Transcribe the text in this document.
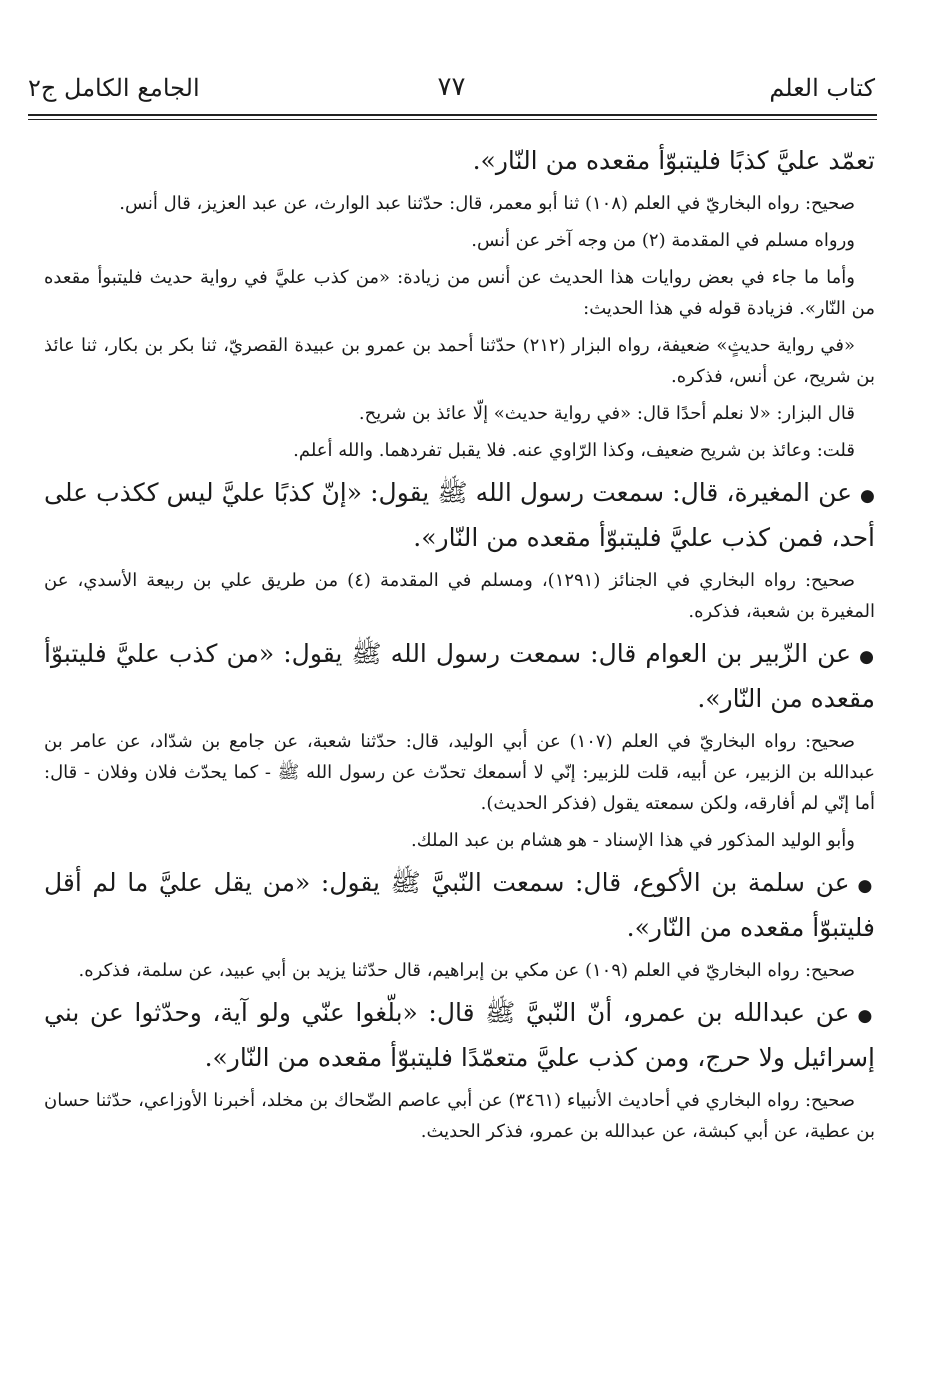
كتاب العلم
٧٧
الجامع الكامل ج٢

تعمّد عليَّ كذبًا فليتبوّأ مقعده من النّار».

صحيح: رواه البخاريّ في العلم (١٠٨) ثنا أبو معمر، قال: حدّثنا عبد الوارث، عن عبد العزيز، قال أنس.

ورواه مسلم في المقدمة (٢) من وجه آخر عن أنس.

وأما ما جاء في بعض روايات هذا الحديث عن أنس من زيادة: «من كذب عليَّ في رواية حديث فليتبوأ مقعده من النّار». فزيادة قوله في هذا الحديث:

«في رواية حديثٍ» ضعيفة، رواه البزار (٢١٢) حدّثنا أحمد بن عمرو بن عبيدة القصريّ، ثنا بكر بن بكار، ثنا عائذ بن شريح، عن أنس، فذكره.

قال البزار: «لا نعلم أحدًا قال: «في رواية حديث» إلّا عائذ بن شريح.

قلت: وعائذ بن شريح ضعيف، وكذا الرّاوي عنه. فلا يقبل تفردهما. والله أعلم.

●عن المغيرة، قال: سمعت رسول الله ﷺ يقول: «إنّ كذبًا عليَّ ليس ككذب على أحد، فمن كذب عليَّ فليتبوّأ مقعده من النّار».

صحيح: رواه البخاري في الجنائز (١٢٩١)، ومسلم في المقدمة (٤) من طريق علي بن ربيعة الأسدي، عن المغيرة بن شعبة، فذكره.

●عن الزّبير بن العوام قال: سمعت رسول الله ﷺ يقول: «من كذب عليَّ فليتبوّأ مقعده من النّار».

صحيح: رواه البخاريّ في العلم (١٠٧) عن أبي الوليد، قال: حدّثنا شعبة، عن جامع بن شدّاد، عن عامر بن عبدالله بن الزبير، عن أبيه، قلت للزبير: إنّي لا أسمعك تحدّث عن رسول الله ﷺ - كما يحدّث فلان وفلان - قال: أما إنّي لم أفارقه، ولكن سمعته يقول (فذكر الحديث).

وأبو الوليد المذكور في هذا الإسناد - هو هشام بن عبد الملك.

●عن سلمة بن الأكوع، قال: سمعت النّبيَّ ﷺ يقول: «من يقل عليَّ ما لم أقل فليتبوّأ مقعده من النّار».

صحيح: رواه البخاريّ في العلم (١٠٩) عن مكي بن إبراهيم، قال حدّثنا يزيد بن أبي عبيد، عن سلمة، فذكره.

●عن عبدالله بن عمرو، أنّ النّبيَّ ﷺ قال: «بلّغوا عنّي ولو آية، وحدّثوا عن بني إسرائيل ولا حرج، ومن كذب عليَّ متعمّدًا فليتبوّأ مقعده من النّار».

صحيح: رواه البخاري في أحاديث الأنبياء (٣٤٦١) عن أبي عاصم الضّحاك بن مخلد، أخبرنا الأوزاعي، حدّثنا حسان بن عطية، عن أبي كبشة، عن عبدالله بن عمرو، فذكر الحديث.
